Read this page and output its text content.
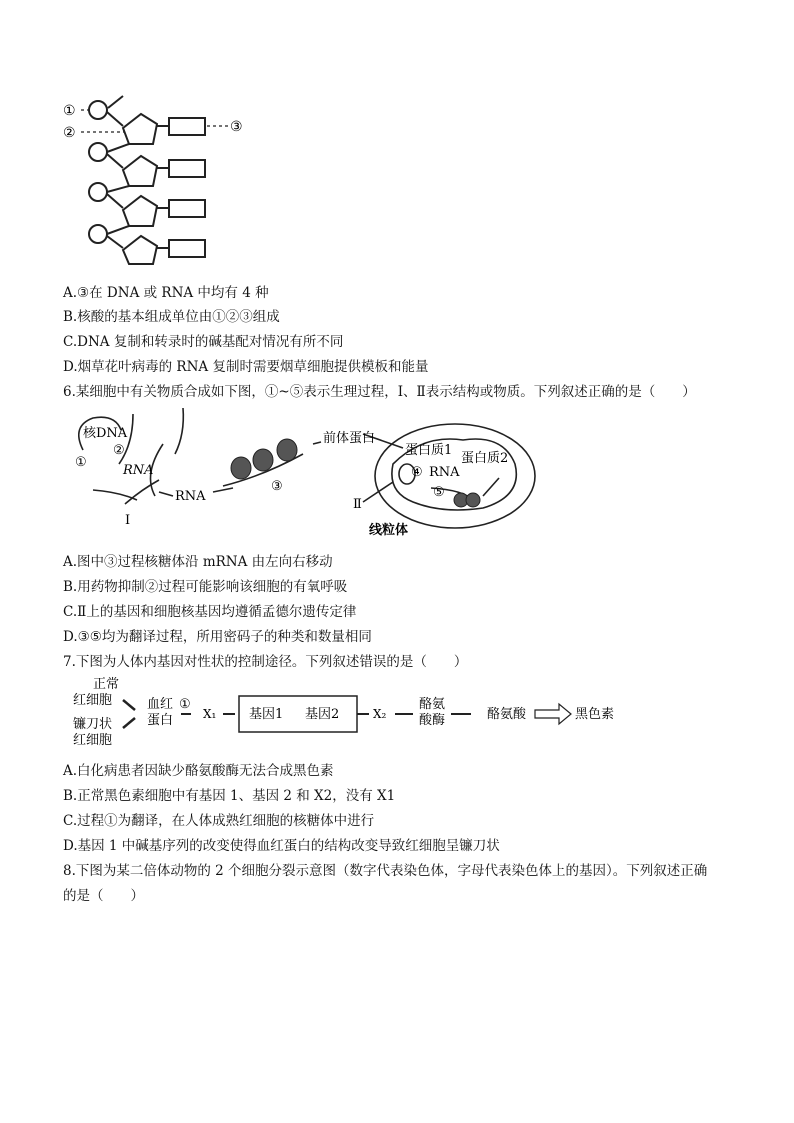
①
②	③
A.③在 DNA 或 RNA 中均有 4 种
B.核酸的基本组成单位由①②③组成
C.DNA 复制和转录时的碱基配对情况有所不同
D.烟草花叶病毒的 RNA 复制时需要烟草细胞提供模板和能量
6.某细胞中有关物质合成如下图，①~⑤表示生理过程，Ⅰ、Ⅱ表示结构或物质。下列叙述正确的是（　　）
核DNA
①
②
RNA
RNA
③
Ⅰ
前体蛋白
蛋白质1
④ RNA
蛋白质2
⑤
Ⅱ
线粒体
A.图中③过程核糖体沿 mRNA 由左向右移动
B.用药物抑制②过程可能影响该细胞的有氧呼吸
C.Ⅱ上的基因和细胞核基因均遵循孟德尔遗传定律
D.③⑤均为翻译过程，所用密码子的种类和数量相同
7.下图为人体内基因对性状的控制途径。下列叙述错误的是（　　）
正常
红细胞
镰刀状
红细胞
血红
蛋白
①
X₁	基因1 基因2	X₂
酪氨
酸酶	酪氨酸	黑色素
A.白化病患者因缺少酪氨酸酶无法合成黑色素
B.正常黑色素细胞中有基因 1、基因 2 和 X2，没有 X1
C.过程①为翻译，在人体成熟红细胞的核糖体中进行
D.基因 1 中碱基序列的改变使得血红蛋白的结构改变导致红细胞呈镰刀状
8.下图为某二倍体动物的 2 个细胞分裂示意图（数字代表染色体，字母代表染色体上的基因）。下列叙述正确
的是（　　）
